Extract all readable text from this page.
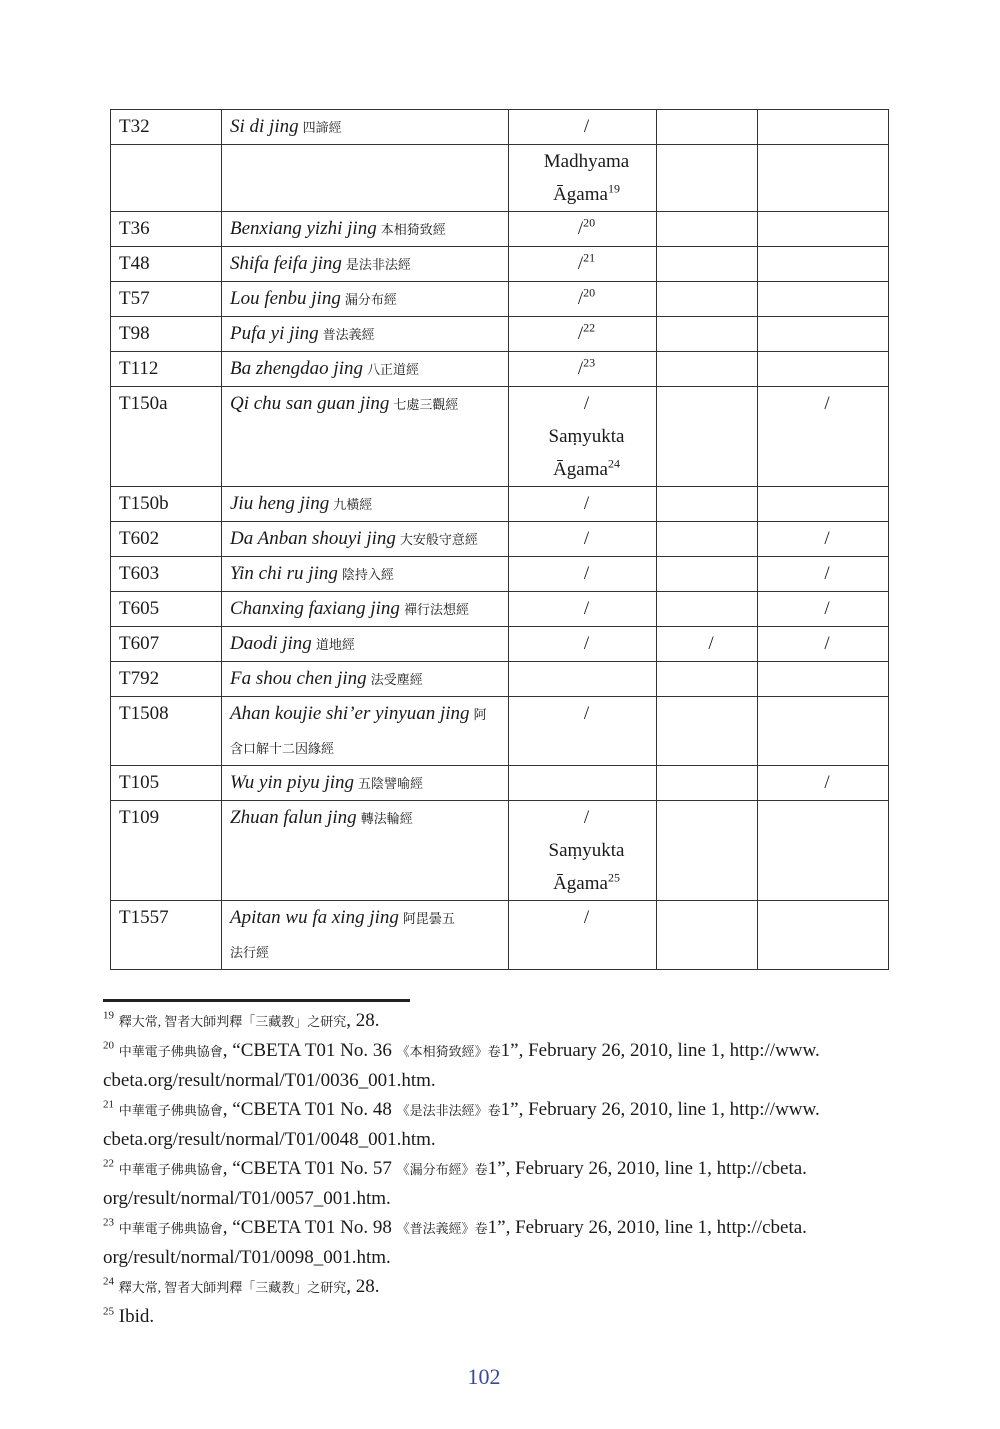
T32	Si di jing 四諦經	/		
		Madhyama
Āgama$^{19}$		
T36	Benxiang yizhi jing 本相猗致經	/$^{20}$		
T48	Shifa feifa jing 是法非法經	/$^{21}$		
T57	Lou fenbu jing 漏分布經	/$^{20}$		
T98	Pufa yi jing 普法義經	/$^{22}$		
T112	Ba zhengdao jing 八正道經	/$^{23}$		
T150a	Qi chu san guan jing 七處三觀經	/
Saṃyukta
Āgama$^{24}$		/
T150b	Jiu heng jing 九橫經	/		
T602	Da Anban shouyi jing 大安般守意經	/		/
T603	Yin chi ru jing 陰持入經	/		/
T605	Chanxing faxiang jing 禪行法想經	/		/
T607	Daodi jing 道地經	/	/	/
T792	Fa shou chen jing 法受塵經			
T1508	Ahan koujie shi’er yinyuan jing 阿
含口解十二因緣經	/		
T105	Wu yin piyu jing 五陰譬喻經			/
T109	Zhuan falun jing 轉法輪經	/
Saṃyukta
Āgama$^{25}$		
T1557	Apitan wu fa xing jing 阿毘曇五
法行經	/		

$^{19}$ 釋大常, 智者大師判釋「三藏教」之研究, 28.

$^{20}$ 中華電子佛典協會, “CBETA T01 No. 36 《本相猗致經》卷1”, February 26, 2010, line 1, http://www.
cbeta.org/result/normal/T01/0036_001.htm.

$^{21}$ 中華電子佛典協會, “CBETA T01 No. 48 《是法非法經》卷1”, February 26, 2010, line 1, http://www.
cbeta.org/result/normal/T01/0048_001.htm.

$^{22}$ 中華電子佛典協會, “CBETA T01 No. 57 《漏分布經》卷1”, February 26, 2010, line 1, http://cbeta.
org/result/normal/T01/0057_001.htm.

$^{23}$ 中華電子佛典協會, “CBETA T01 No. 98 《普法義經》卷1”, February 26, 2010, line 1, http://cbeta.
org/result/normal/T01/0098_001.htm.

$^{24}$ 釋大常, 智者大師判釋「三藏教」之研究, 28.

$^{25}$ Ibid.

102
